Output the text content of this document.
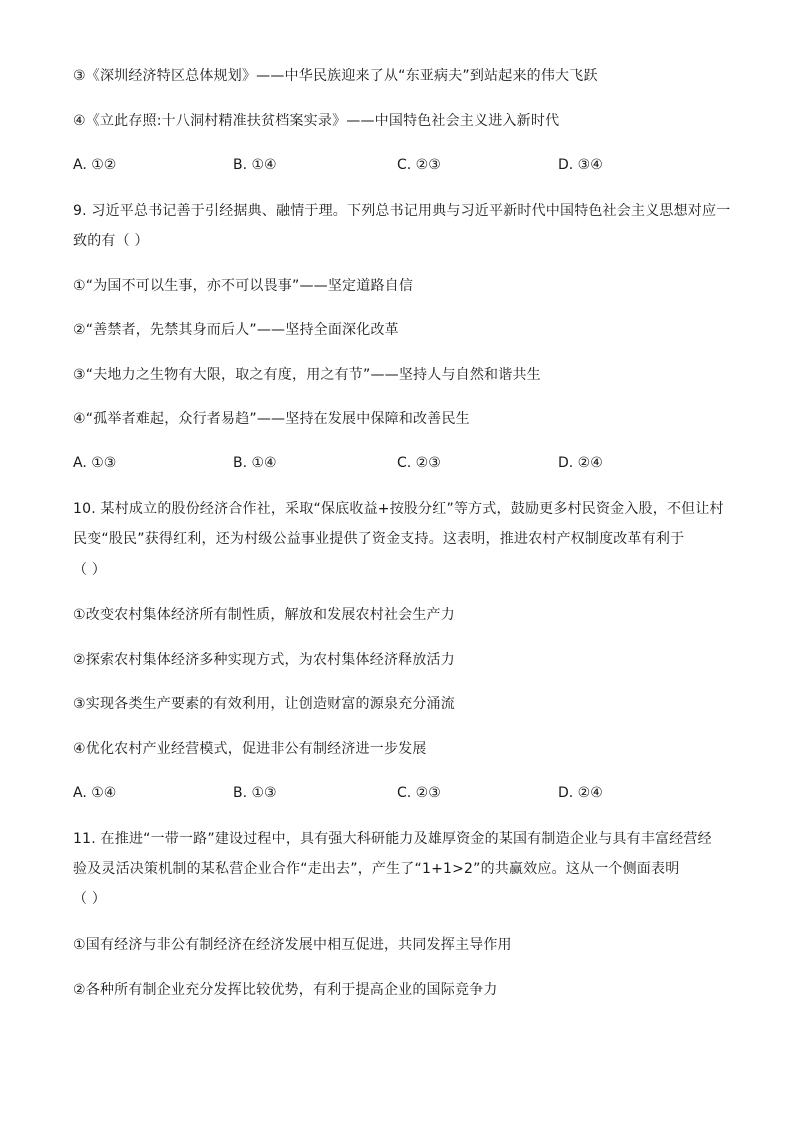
③《深圳经济特区总体规划》——中华民族迎来了从“东亚病夫”到站起来的伟大飞跃
④《立此存照:十八洞村精准扶贫档案实录》——中国特色社会主义进入新时代
A. ①②	B. ①④	C. ②③	D. ③④
9. 习近平总书记善于引经据典、融情于理。下列总书记用典与习近平新时代中国特色社会主义思想对应一
致的有（ ）
①“为国不可以生事，亦不可以畏事”——坚定道路自信
②“善禁者，先禁其身而后人”——坚持全面深化改革
③“夫地力之生物有大限，取之有度，用之有节”——坚持人与自然和谐共生
④“孤举者难起，众行者易趋”——坚持在发展中保障和改善民生
A. ①③	B. ①④	C. ②③	D. ②④
10. 某村成立的股份经济合作社，采取“保底收益+按股分红”等方式，鼓励更多村民资金入股，不但让村
民变“股民”获得红利，还为村级公益事业提供了资金支持。这表明，推进农村产权制度改革有利于
（ ）
①改变农村集体经济所有制性质，解放和发展农村社会生产力
②探索农村集体经济多种实现方式，为农村集体经济释放活力
③实现各类生产要素的有效利用，让创造财富的源泉充分涌流
④优化农村产业经营模式，促进非公有制经济进一步发展
A. ①④	B. ①③	C. ②③	D. ②④
11. 在推进“一带一路”建设过程中，具有强大科研能力及雄厚资金的某国有制造企业与具有丰富经营经
验及灵活决策机制的某私营企业合作“走出去”，产生了“1+1>2”的共赢效应。这从一个侧面表明
（ ）
①国有经济与非公有制经济在经济发展中相互促进，共同发挥主导作用
②各种所有制企业充分发挥比较优势，有利于提高企业的国际竞争力
